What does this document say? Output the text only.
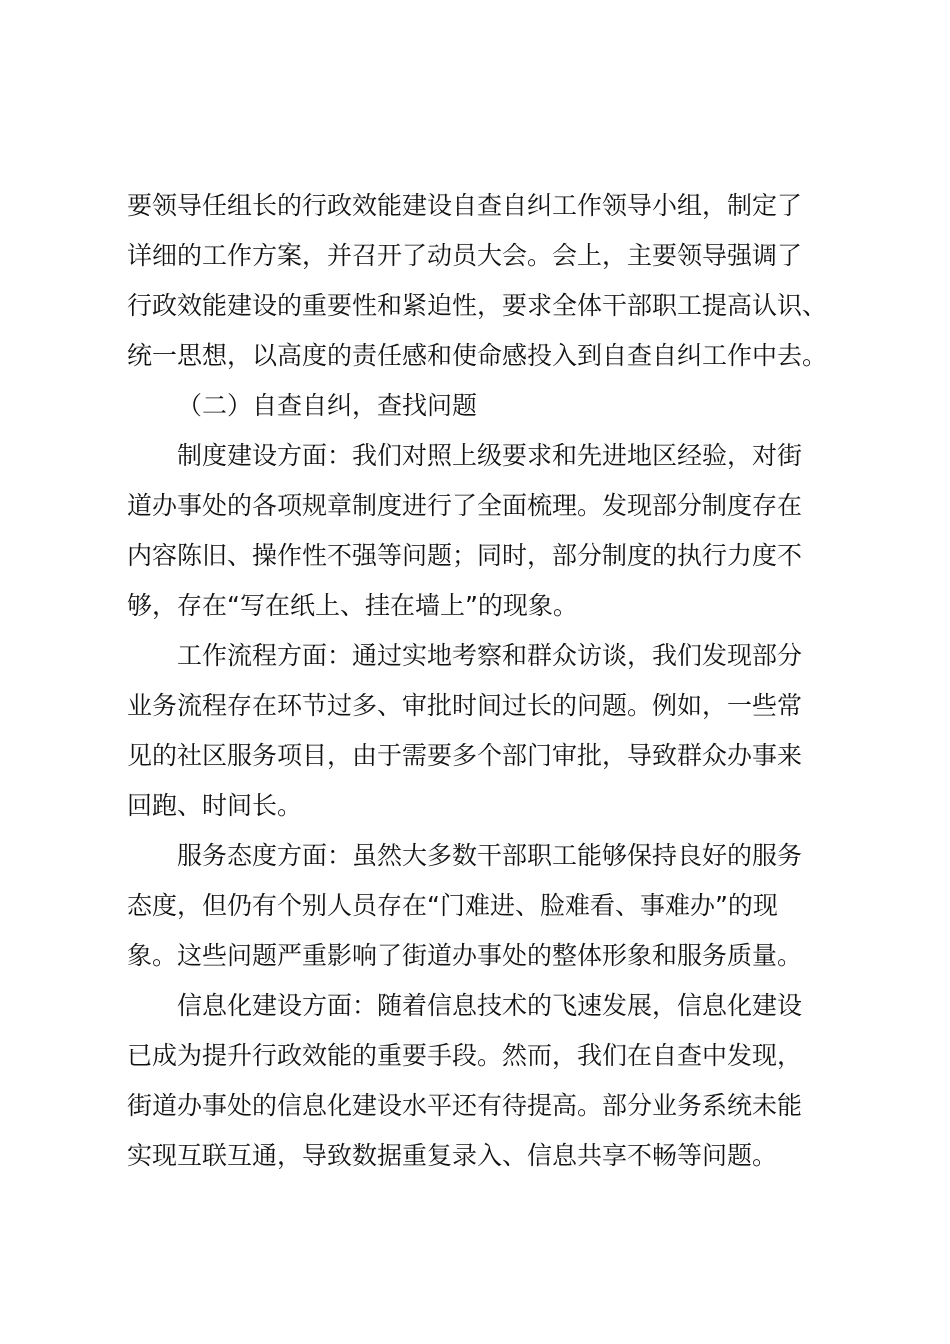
要领导任组长的行政效能建设自查自纠工作领导小组，制定了
详细的工作方案，并召开了动员大会。会上，主要领导强调了
行政效能建设的重要性和紧迫性，要求全体干部职工提高认识、
统一思想，以高度的责任感和使命感投入到自查自纠工作中去。
（二）自查自纠，查找问题
制度建设方面：我们对照上级要求和先进地区经验，对街
道办事处的各项规章制度进行了全面梳理。发现部分制度存在
内容陈旧、操作性不强等问题；同时，部分制度的执行力度不
够，存在“写在纸上、挂在墙上”的现象。
工作流程方面：通过实地考察和群众访谈，我们发现部分
业务流程存在环节过多、审批时间过长的问题。例如，一些常
见的社区服务项目，由于需要多个部门审批，导致群众办事来
回跑、时间长。
服务态度方面：虽然大多数干部职工能够保持良好的服务
态度，但仍有个别人员存在“门难进、脸难看、事难办”的现
象。这些问题严重影响了街道办事处的整体形象和服务质量。
信息化建设方面：随着信息技术的飞速发展，信息化建设
已成为提升行政效能的重要手段。然而，我们在自查中发现，
街道办事处的信息化建设水平还有待提高。部分业务系统未能
实现互联互通，导致数据重复录入、信息共享不畅等问题。
